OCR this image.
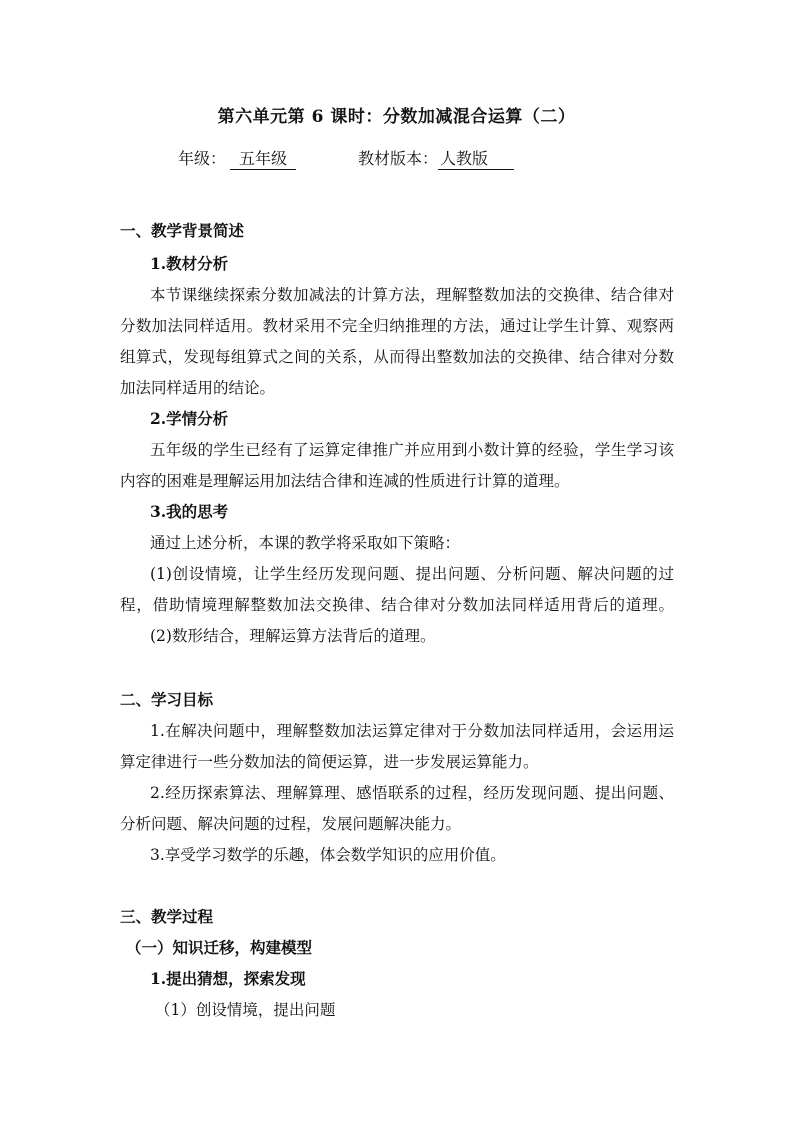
第六单元第 6 课时：分数加减混合运算（二）
年级： 五年级	教材版本： 人教版
一、教学背景简述
1.教材分析
本节课继续探索分数加减法的计算方法，理解整数加法的交换律、结合律对
分数加法同样适用。教材采用不完全归纳推理的方法，通过让学生计算、观察两
组算式，发现每组算式之间的关系，从而得出整数加法的交换律、结合律对分数
加法同样适用的结论。
2.学情分析
五年级的学生已经有了运算定律推广并应用到小数计算的经验，学生学习该
内容的困难是理解运用加法结合律和连减的性质进行计算的道理。
3.我的思考
通过上述分析，本课的教学将采取如下策略：
(1)创设情境，让学生经历发现问题、提出问题、分析问题、解决问题的过
程，借助情境理解整数加法交换律、结合律对分数加法同样适用背后的道理。
(2)数形结合，理解运算方法背后的道理。
二、学习目标
1.在解决问题中，理解整数加法运算定律对于分数加法同样适用，会运用运
算定律进行一些分数加法的简便运算，进一步发展运算能力。
2.经历探索算法、理解算理、感悟联系的过程，经历发现问题、提出问题、
分析问题、解决问题的过程，发展问题解决能力。
3.享受学习数学的乐趣，体会数学知识的应用价值。
三、教学过程
（一）知识迁移，构建模型
1.提出猜想，探索发现
（1）创设情境，提出问题
